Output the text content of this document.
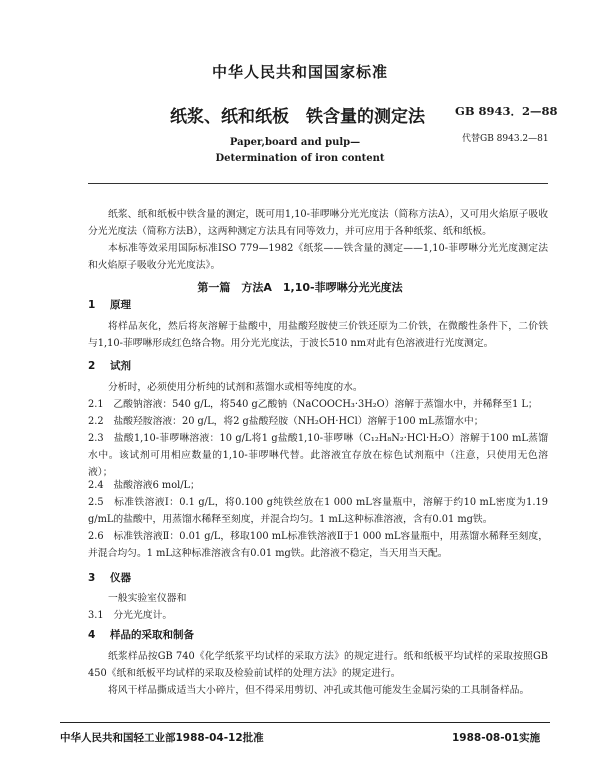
中华人民共和国国家标准
纸浆、纸和纸板　铁含量的测定法	GB 8943．2—88
代替GB 8943.2—81
Paper,board and pulp—
Determination of iron content

纸浆、纸和纸板中铁含量的测定，既可用1,10-菲啰啉分光光度法（简称方法A），又可用火焰原子吸收分光光度法（简称方法B），这两种测定方法具有同等效力，并可应用于各种纸浆、纸和纸板。

本标准等效采用国际标准ISO 779—1982《纸浆——铁含量的测定——1,10-菲啰啉分光光度测定法和火焰原子吸收分光光度法》。

第一篇　方法A　1,10-菲啰啉分光光度法
1 原理

将样品灰化，然后将灰溶解于盐酸中，用盐酸羟胺使三价铁还原为二价铁，在微酸性条件下，二价铁与1,10-菲啰啉形成红色络合物。用分光光度法，于波长510 nm对此有色溶液进行光度测定。

2 试剂

分析时，必须使用分析纯的试剂和蒸馏水或相等纯度的水。

2.1　乙酸钠溶液：540 g/L，将540 g乙酸钠（NaCOOCH₃·3H₂O）溶解于蒸馏水中，并稀释至1 L；

2.2　盐酸羟胺溶液：20 g/L，将2 g盐酸羟胺（NH₂OH·HCl）溶解于100 mL蒸馏水中；

2.3　盐酸1,10-菲啰啉溶液：10 g/L将1 g盐酸1,10-菲啰啉（C₁₂H₈N₂·HCl·H₂O）溶解于100 mL蒸馏水中。该试剂可用相应数量的1,10-菲啰啉代替。此溶液宜存放在棕色试剂瓶中（注意，只使用无色溶液）；

2.4　盐酸溶液6 mol/L；

2.5　标准铁溶液Ⅰ：0.1 g/L，将0.100 g纯铁丝放在1 000 mL容量瓶中，溶解于约10 mL密度为1.19 g/mL的盐酸中，用蒸馏水稀释至刻度，并混合均匀。1 mL这种标准溶液，含有0.01 mg铁。

2.6　标准铁溶液Ⅱ：0.01 g/L，移取100 mL标准铁溶液Ⅱ于1 000 mL容量瓶中，用蒸馏水稀释至刻度，并混合均匀。1 mL这种标准溶液含有0.01 mg铁。此溶液不稳定，当天用当天配。

3 仪器

一般实验室仪器和

3.1　分光光度计。

4 样品的采取和制备

纸浆样品按GB 740《化学纸浆平均试样的采取方法》的规定进行。纸和纸板平均试样的采取按照GB 450《纸和纸板平均试样的采取及检验前试样的处理方法》的规定进行。

将风干样品撕成适当大小碎片，但不得采用剪切、冲孔或其他可能发生金属污染的工具制备样品。

中华人民共和国轻工业部1988-04-12批准	1988-08-01实施
